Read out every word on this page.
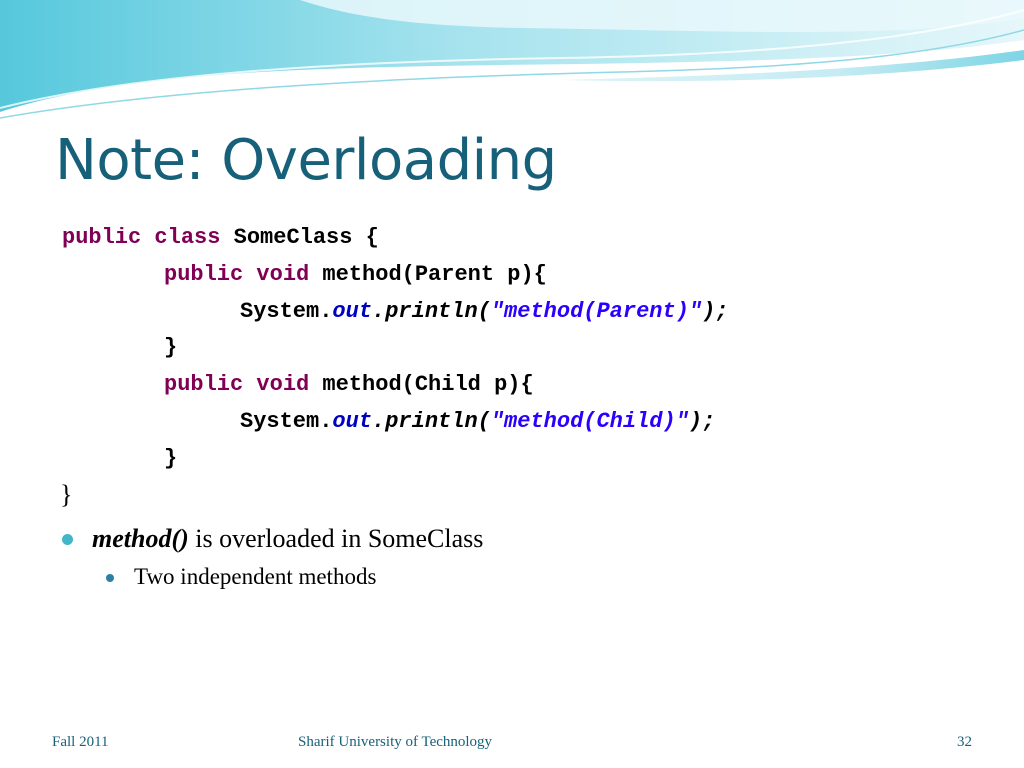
Note: Overloading
public class SomeClass {
public void method(Parent p){
System.out.println("method(Parent)");
}
public void method(Child p){
System.out.println("method(Child)");
}
}
method() is overloaded in SomeClass
Two independent methods
Fall 2011	Sharif University of Technology	32
